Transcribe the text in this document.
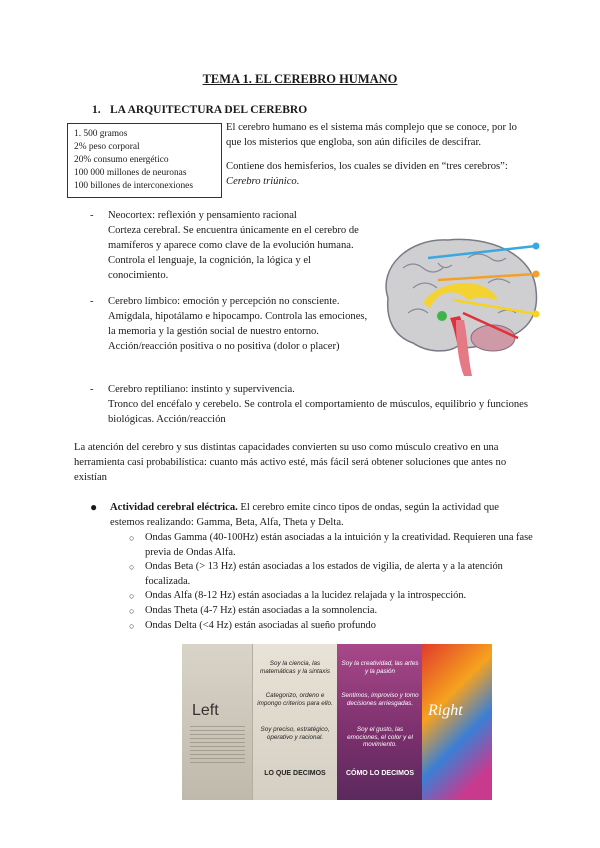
TEMA 1. EL CEREBRO HUMANO
1. LA ARQUITECTURA DEL CEREBRO
1. 500 gramos
2% peso corporal
20% consumo energético
100 000 millones de neuronas
100 billones de interconexiones

El cerebro humano es el sistema más complejo que se conoce, por lo que los misterios que engloba, son aún difíciles de descifrar.

Contiene dos hemisferios, los cuales se dividen en “tres cerebros”: Cerebro triúnico.

- Neocortex: reflexión y pensamiento racional
Corteza cerebral. Se encuentra únicamente en el cerebro de mamíferos y aparece como clave de la evolución humana. Controla el lenguaje, la cognición, la lógica y el conocimiento.
- Cerebro límbico: emoción y percepción no consciente.
Amígdala, hipotálamo e hipocampo. Controla las emociones, la memoria y la gestión social de nuestro entorno. Acción/reacción positiva o no positiva (dolor o placer)
- Cerebro reptiliano: instinto y supervivencia.
Tronco del encéfalo y cerebelo. Se controla el comportamiento de músculos, equilibrio y funciones biológicas. Acción/reacción
La atención del cerebro y sus distintas capacidades convierten su uso como músculo creativo en una herramienta casi probabilística: cuanto más activo esté, más fácil será obtener soluciones que antes no existían
● Actividad cerebral eléctrica. El cerebro emite cinco tipos de ondas, según la actividad que estemos realizando: Gamma, Beta, Alfa, Theta y Delta.
○ Ondas Gamma (40-100Hz) están asociadas a la intuición y la creatividad. Requieren una fase previa de Ondas Alfa.
○ Ondas Beta (> 13 Hz) están asociadas a los estados de vigilia, de alerta y a la atención focalizada.
○ Ondas Alfa (8-12 Hz) están asociadas a la lucidez relajada y la introspección.
○ Ondas Theta (4-7 Hz) están asociadas a la somnolencia.
○ Ondas Delta (<4 Hz) están asociadas al sueño profundo
Left	Right
Soy la ciencia, las matemáticas y la sintaxis
Categorizo, ordeno e impongo criterios para ello.
Soy preciso, estratégico, operativo y racional.
LO QUE DECIMOS
Soy la creatividad, las artes y la pasión
Sentimos, improviso y tomo decisiones arriesgadas.
Soy el gusto, las emociones, el color y el movimiento.
CÓMO LO DECIMOS
